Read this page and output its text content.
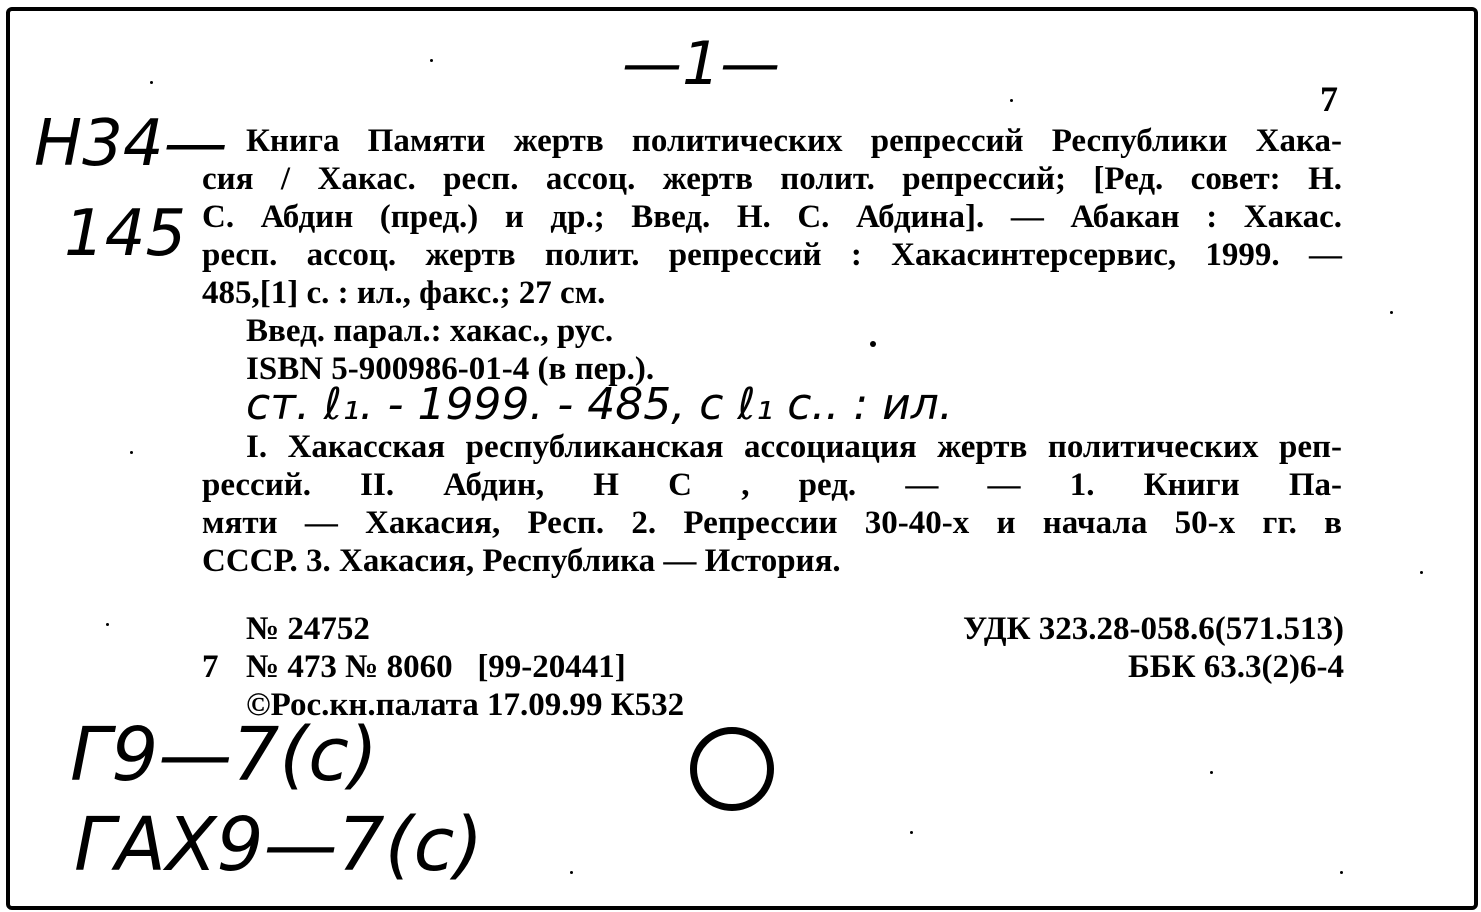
—1—	7
Н34—
145
Книга Памяти жертв политических репрессий Республики Хака-
сия / Хакас. респ. ассоц. жертв полит. репрессий; [Ред. совет: Н.
С. Абдин (пред.) и др.; Введ. Н. С. Абдина]. — Абакан : Хакас.
респ. ассоц. жертв полит. репрессий : Хакасинтерсервис, 1999. —
485,[1] с. : ил., факс.; 27 см.
Введ. парал.: хакас., рус.
ISBN 5-900986-01-4 (в пер.).
ст. ℓ₁. - 1999. - 485, с ℓ₁ с.. : ил.
I. Хакасская республиканская ассоциация жертв политических реп-
рессий. II. Абдин, Н С , ред. — — 1. Книги Па-
мяти — Хакасия, Респ. 2. Репрессии 30-40-х и начала 50-х гг. в
СССР. 3. Хакасия, Республика — История.
№ 24752
7 № 473 № 8060   [99-20441]
©Рос.кн.палата 17.09.99 К532
УДК 323.28-058.6(571.513)
ББК 63.3(2)6-4
Г9—7(с)
ГАХ9—7(с)
